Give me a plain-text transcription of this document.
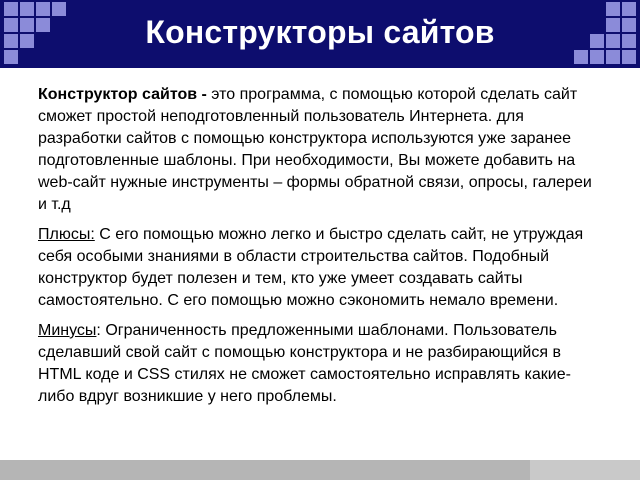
Конструкторы сайтов

Конструктор сайтов - это программа, с помощью которой сделать сайт сможет простой неподготовленный пользователь Интернета. для разработки сайтов с помощью конструктора используются уже заранее подготовленные шаблоны. При необходимости, Вы можете добавить на web-сайт нужные инструменты – формы обратной связи, опросы, галереи и т.д

Плюсы: С его помощью можно легко и быстро сделать сайт, не утруждая себя особыми знаниями в области строительства сайтов. Подобный конструктор будет полезен и тем, кто уже умеет создавать сайты самостоятельно. С его помощью можно сэкономить немало времени.

Минусы: Ограниченность предложенными шаблонами. Пользователь сделавший свой сайт с помощью конструктора и не разбирающийся в HTML коде и CSS стилях не сможет самостоятельно исправлять какие-либо вдруг возникшие у него проблемы.
